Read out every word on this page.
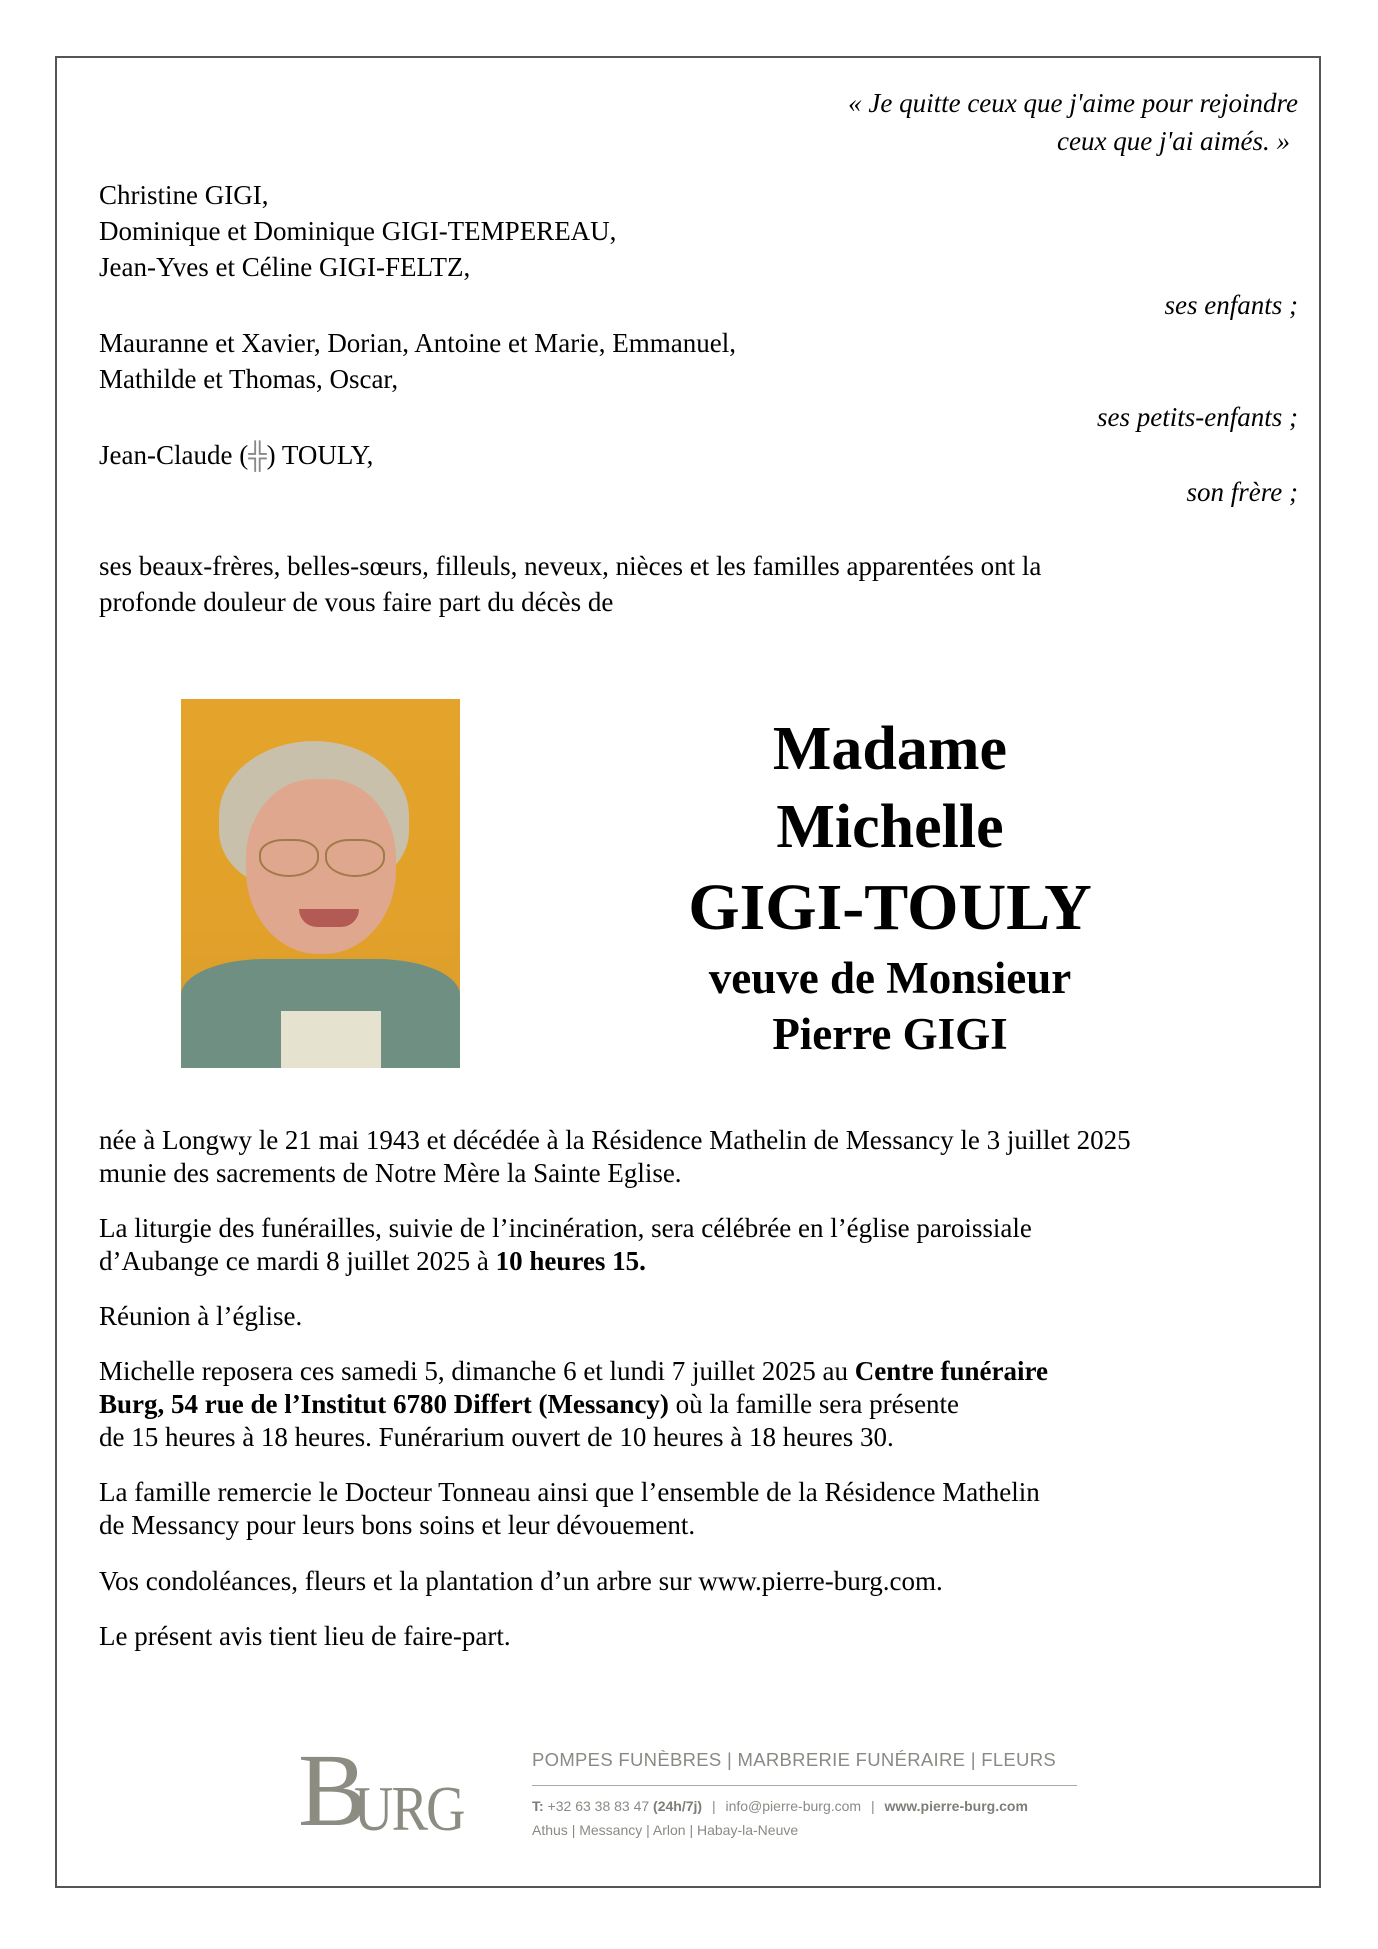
« Je quitte ceux que j'aime pour rejoindre
ceux que j'ai aimés. »
Christine GIGI,
Dominique et Dominique GIGI-TEMPEREAU,
Jean-Yves et Céline GIGI-FELTZ,
ses enfants ;
Mauranne et Xavier, Dorian, Antoine et Marie, Emmanuel,
Mathilde et Thomas, Oscar,
ses petits-enfants ;
Jean-Claude (╬) TOULY,
son frère ;
ses beaux-frères, belles-sœurs, filleuls, neveux, nièces et les familles apparentées ont la
profonde douleur de vous faire part du décès de
Madame
Michelle
GIGI-TOULY
veuve de Monsieur
Pierre GIGI

née à Longwy le 21 mai 1943 et décédée à la Résidence Mathelin de Messancy le 3 juillet 2025

munie des sacrements de Notre Mère la Sainte Eglise.

La liturgie des funérailles, suivie de l’incinération, sera célébrée en l’église paroissiale

d’Aubange ce mardi 8 juillet 2025 à 10 heures 15.

Réunion à l’église.

Michelle reposera ces samedi 5, dimanche 6 et lundi 7 juillet 2025 au Centre funéraire

Burg, 54 rue de l’Institut 6780 Differt (Messancy) où la famille sera présente

de 15 heures à 18 heures. Funérarium ouvert de 10 heures à 18 heures 30.

La famille remercie le Docteur Tonneau ainsi que l’ensemble de la Résidence Mathelin

de Messancy pour leurs bons soins et leur dévouement.

Vos condoléances, fleurs et la plantation d’un arbre sur www.pierre-burg.com.

Le présent avis tient lieu de faire-part.

B
URG
POMPES FUNÈBRES | MARBRERIE FUNÉRAIRE | FLEURS
T: +32 63 38 83 47 (24h/7j) | info@pierre-burg.com | www.pierre-burg.com
Athus | Messancy | Arlon | Habay-la-Neuve
